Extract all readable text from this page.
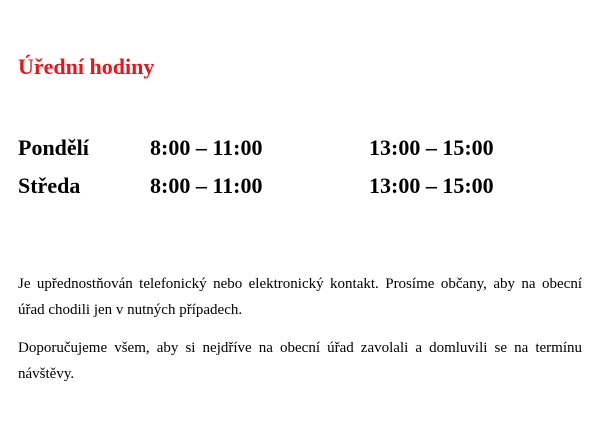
Úřední hodiny
Pondělí	8:00 – 11:00	13:00 – 15:00
Středa	8:00 – 11:00	13:00 – 15:00

Je upřednostňován telefonický nebo elektronický kontakt. Prosíme občany, aby na obecní úřad chodili jen v nutných případech.

Doporučujeme všem, aby si nejdříve na obecní úřad zavolali a domluvili se na termínu návštěvy.
